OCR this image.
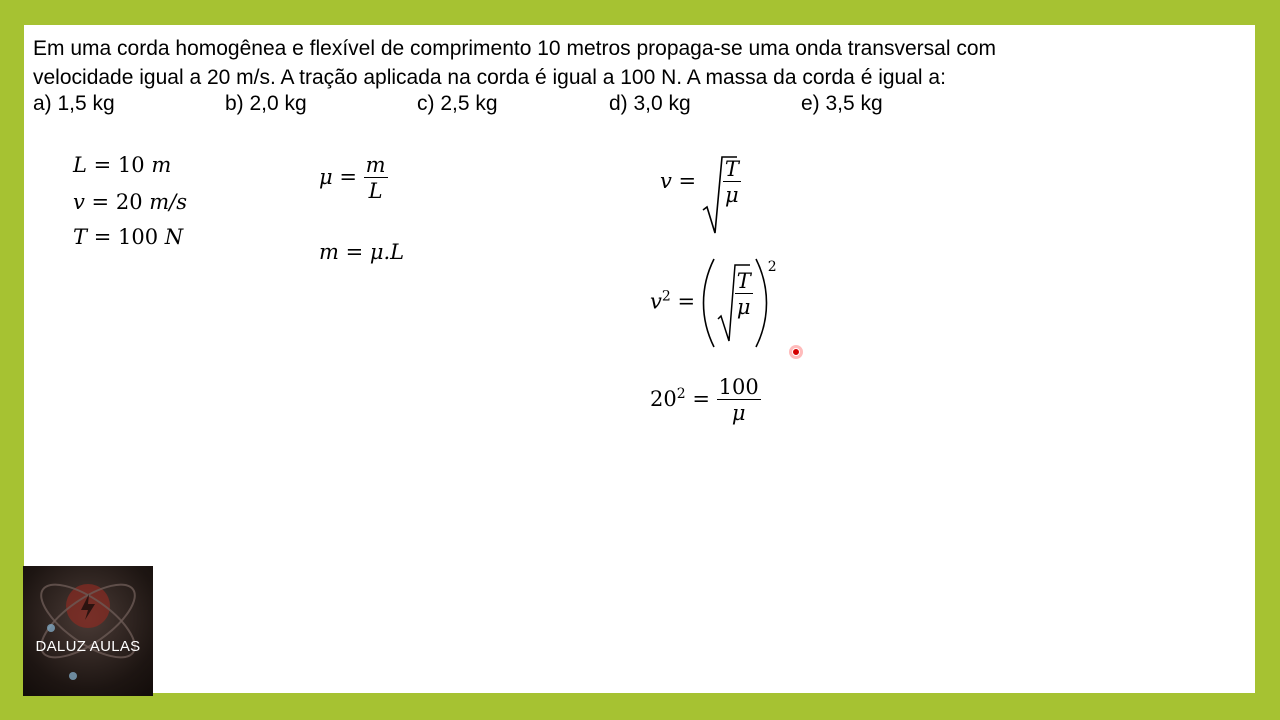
Em uma corda homogênea e flexível de comprimento 10 metros propaga-se uma onda transversal com
velocidade igual a 20 m/s. A tração aplicada na corda é igual a 100 N. A massa da corda é igual a:
a) 1,5 kg	b) 2,0 kg	c) 2,5 kg	d) 3,0 kg	e) 3,5 kg
L = 10 m
v = 20 m/s
T = 100 N
$\mu = \frac{m}{L}$
m = μ.L
$v = \frac{T}{\mu}$
$v^2 = \frac{T}{\mu}$
$^2$
$20^2 = \frac{100}{\mu}$
DALUZ AULAS
